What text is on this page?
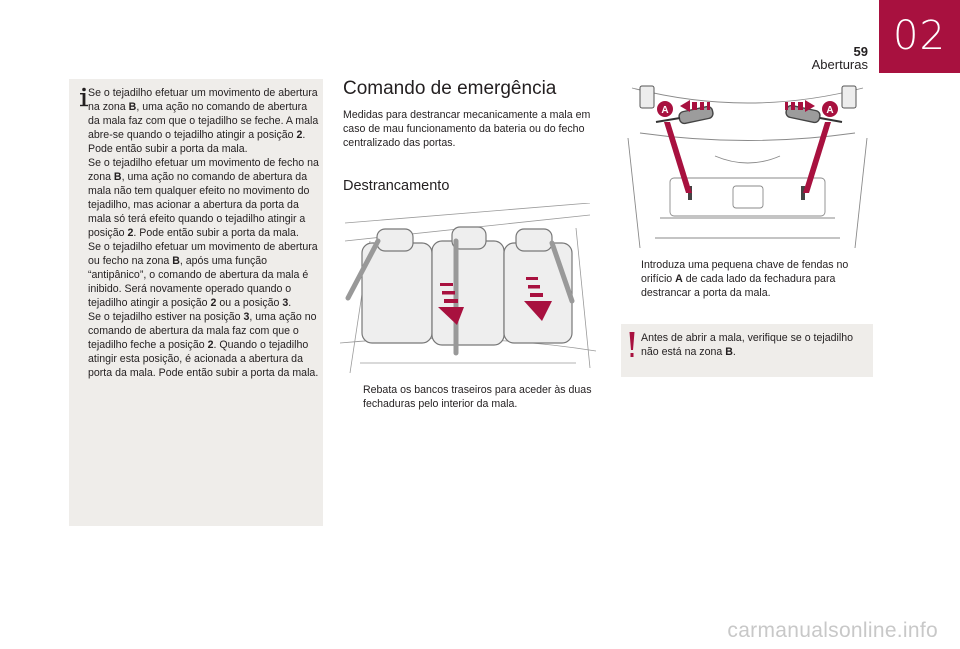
02
59
Aberturas

Se o tejadilho efetuar um movimento de abertura na zona B, uma ação no comando de abertura da mala faz com que o tejadilho se feche. A mala abre-se quando o tejadilho atingir a posição 2. Pode então subir a porta da mala.

Se o tejadilho efetuar um movimento de fecho na zona B, uma ação no comando de abertura da mala não tem qualquer efeito no movimento do tejadilho, mas acionar a abertura da porta da mala só terá efeito quando o tejadilho atingir a posição 2. Pode então subir a porta da mala.

Se o tejadilho efetuar um movimento de abertura ou fecho na zona B, após uma função “antipânico”, o comando de abertura da mala é inibido. Será novamente operado quando o tejadilho atingir a posição 2 ou a posição 3.

Se o tejadilho estiver na posição 3, uma ação no comando de abertura da mala faz com que o tejadilho feche a posição 2. Quando o tejadilho atingir esta posição, é acionada a abertura da porta da mala. Pode então subir a porta da mala.

Comando de emergência

Medidas para destrancar mecanicamente a mala em caso de mau funcionamento da bateria ou do fecho centralizado das portas.

Destrancamento

Rebata os bancos traseiros para aceder às duas fechaduras pelo interior da mala.

A	A

Introduza uma pequena chave de fendas no orifício A de cada lado da fechadura para destrancar a porta da mala.

Antes de abrir a mala, verifique se o tejadilho não está na zona B.

carmanualsonline.info
